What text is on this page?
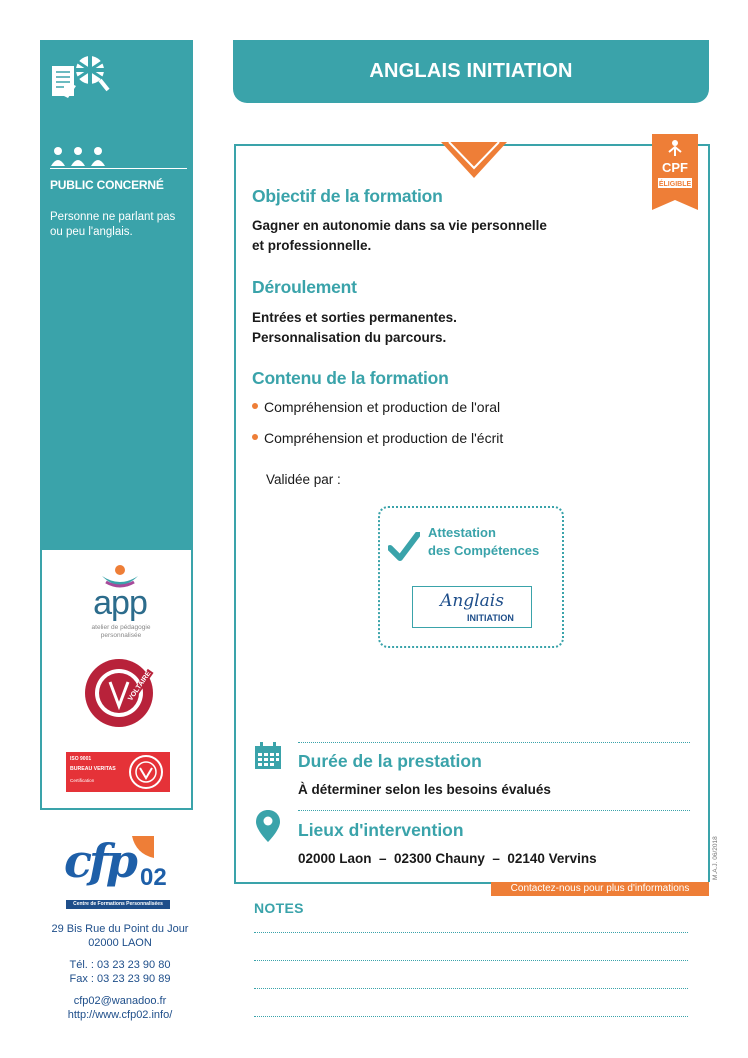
PUBLIC CONCERNÉ
Personne ne parlant pas ou peu l'anglais.
app
atelier de pédagogie personnalisée
VOLTAIRE
ISO 9001
BUREAU VERITAS
Certification
cfp 02
Centre de Formations Personnalisées
29 Bis Rue du Point du Jour
02000 LAON
Tél. : 03 23 23 90 80
Fax : 03 23 23 90 89
cfp02@wanadoo.fr
http://www.cfp02.info/
ANGLAIS INITIATION
CPF
ÉLIGIBLE
Objectif de la formation
Gagner en autonomie dans sa vie personnelle
et professionnelle.
Déroulement
Entrées et sorties permanentes.
Personnalisation du parcours.
Contenu de la formation
Compréhension et production de l'oral
Compréhension et production de l'écrit
Validée par :
Attestation
des Compétences
Anglais
INITIATION
Durée de la prestation
À déterminer selon les besoins évalués
Lieux d'intervention
02000 Laon  –  02300 Chauny  –  02140 Vervins	M.A.J. 06/2018
Contactez-nous pour plus d'informations
NOTES
